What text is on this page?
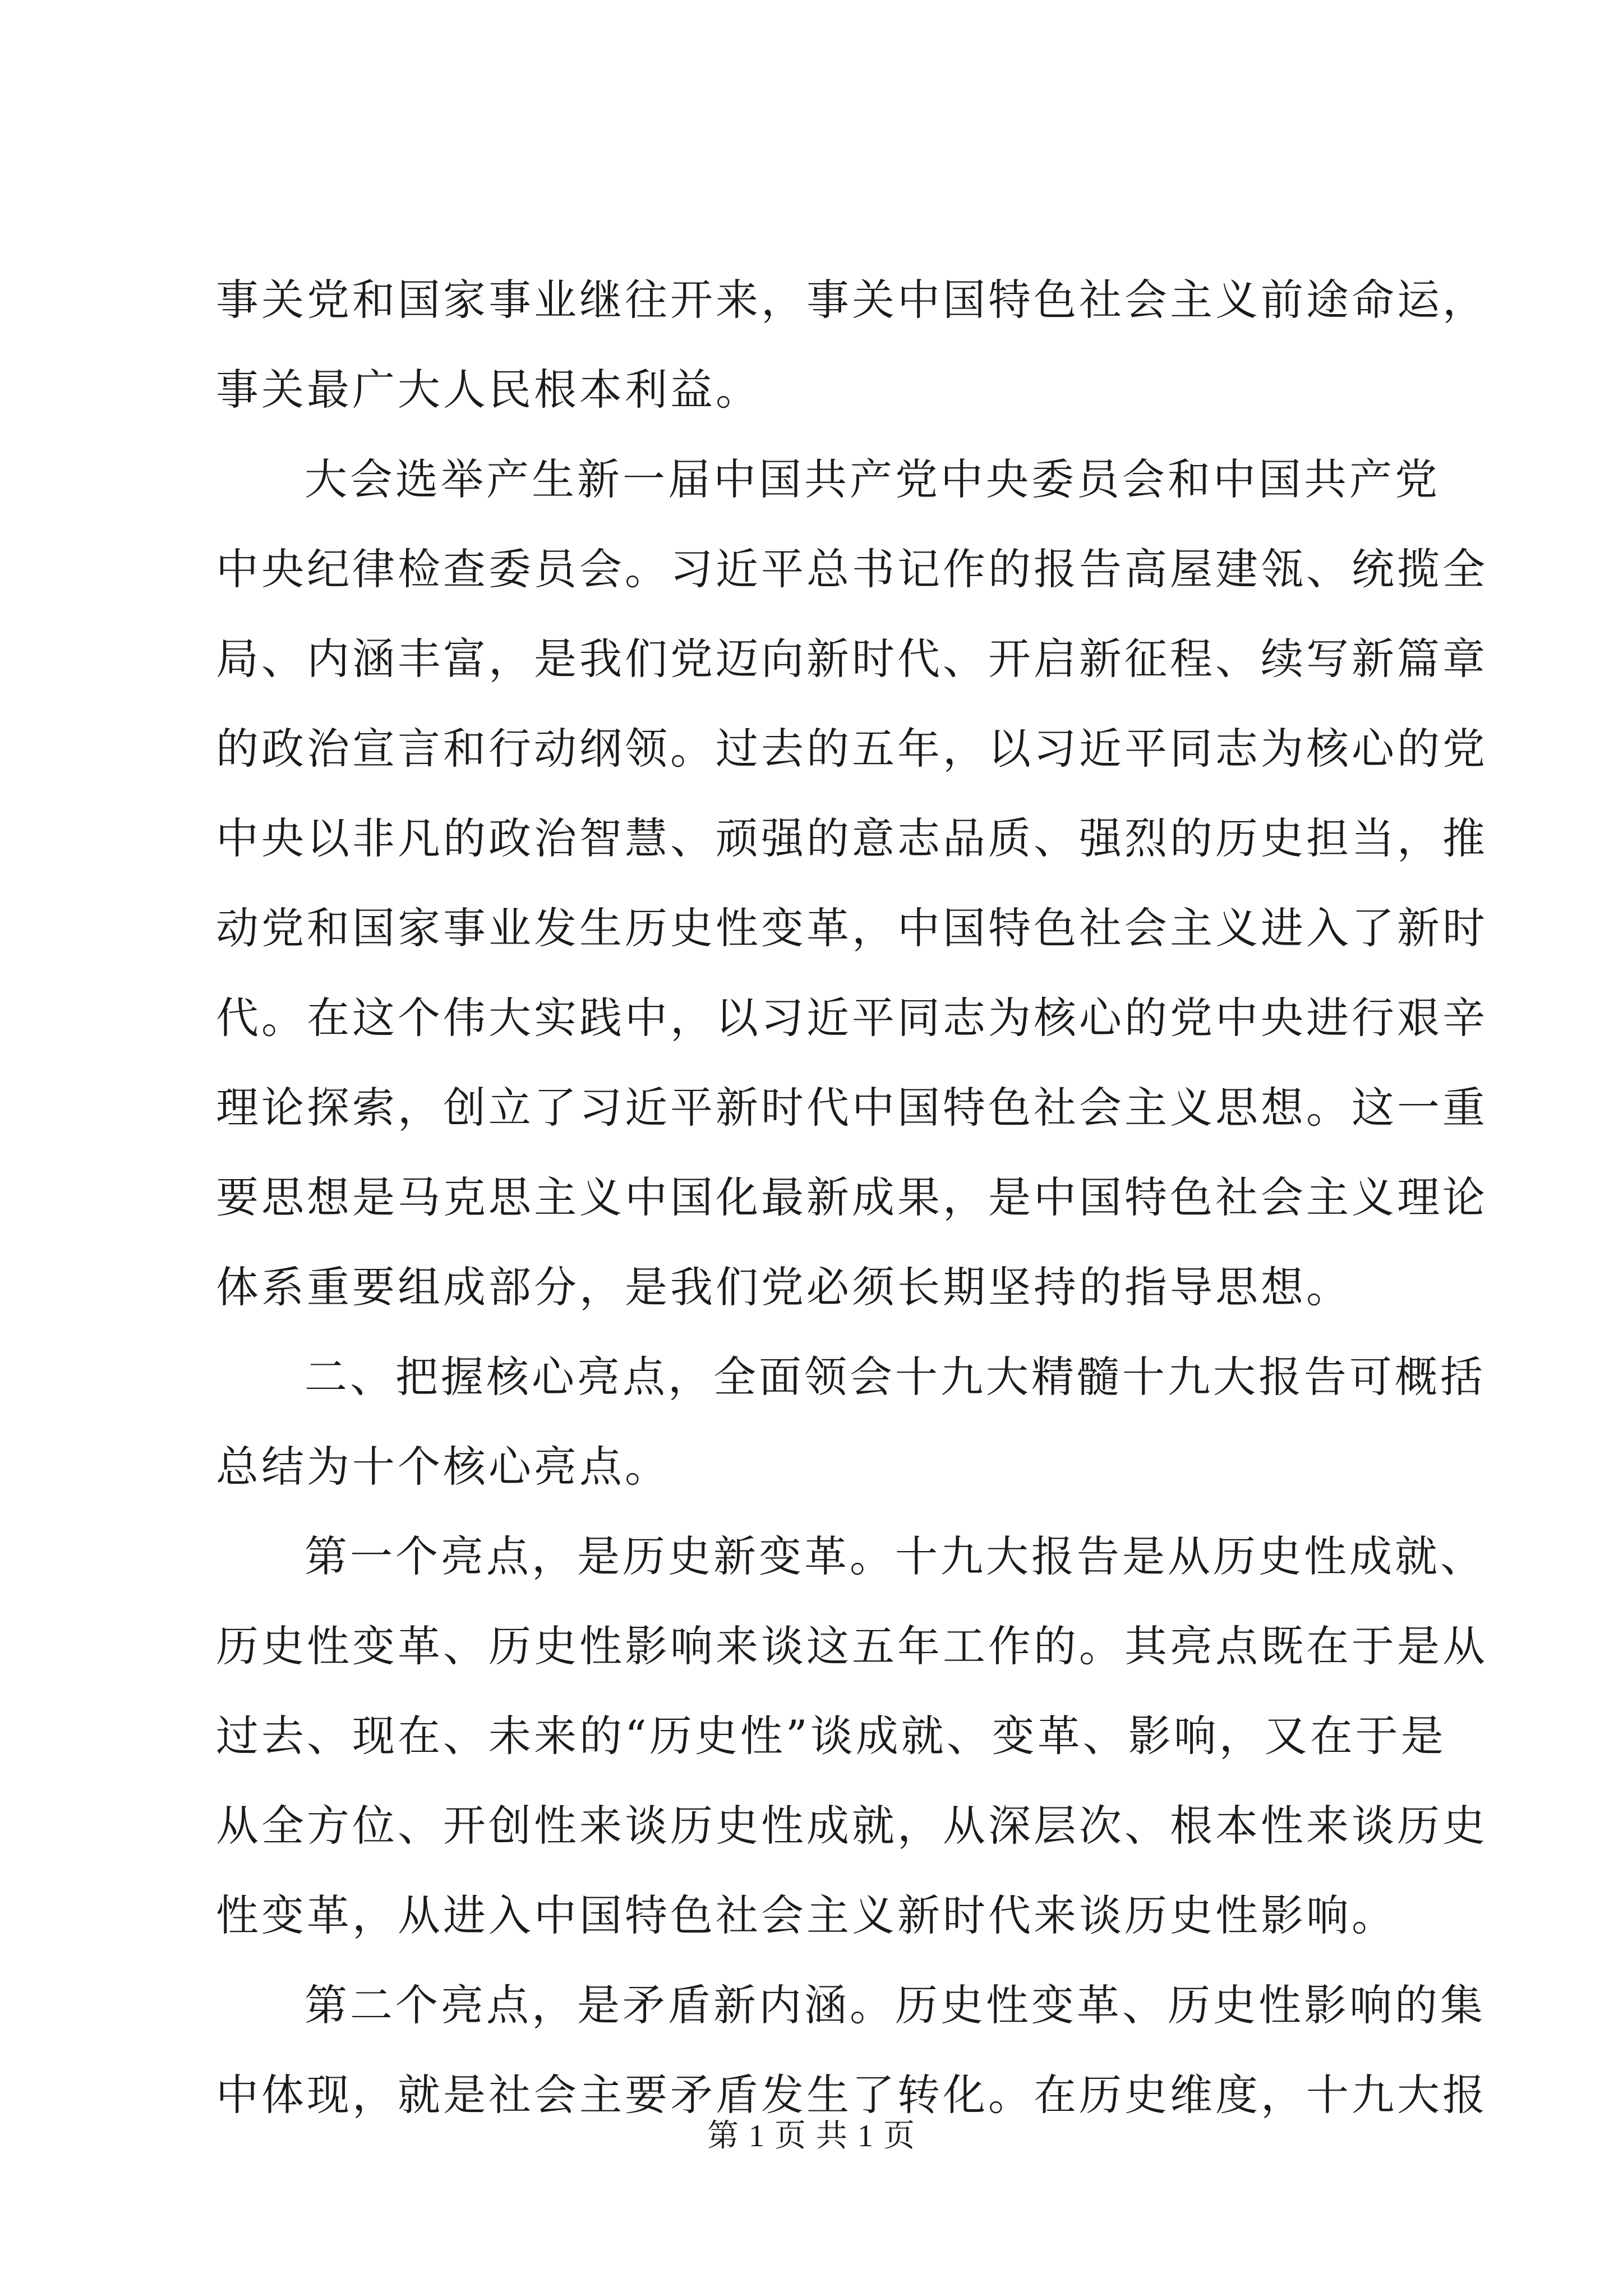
事关党和国家事业继往开来，事关中国特色社会主义前途命运，
事关最广大人民根本利益。
大会选举产生新一届中国共产党中央委员会和中国共产党
中央纪律检查委员会。习近平总书记作的报告高屋建瓴、统揽全
局、内涵丰富，是我们党迈向新时代、开启新征程、续写新篇章
的政治宣言和行动纲领。过去的五年，以习近平同志为核心的党
中央以非凡的政治智慧、顽强的意志品质、强烈的历史担当，推
动党和国家事业发生历史性变革，中国特色社会主义进入了新时
代。在这个伟大实践中，以习近平同志为核心的党中央进行艰辛
理论探索，创立了习近平新时代中国特色社会主义思想。这一重
要思想是马克思主义中国化最新成果，是中国特色社会主义理论
体系重要组成部分，是我们党必须长期坚持的指导思想。
二、把握核心亮点，全面领会十九大精髓十九大报告可概括
总结为十个核心亮点。
第一个亮点，是历史新变革。十九大报告是从历史性成就、
历史性变革、历史性影响来谈这五年工作的。其亮点既在于是从
过去、现在、未来的“历史性”谈成就、变革、影响，又在于是
从全方位、开创性来谈历史性成就，从深层次、根本性来谈历史
性变革，从进入中国特色社会主义新时代来谈历史性影响。
第二个亮点，是矛盾新内涵。历史性变革、历史性影响的集
中体现，就是社会主要矛盾发生了转化。在历史维度，十九大报
第 1 页 共 1 页
